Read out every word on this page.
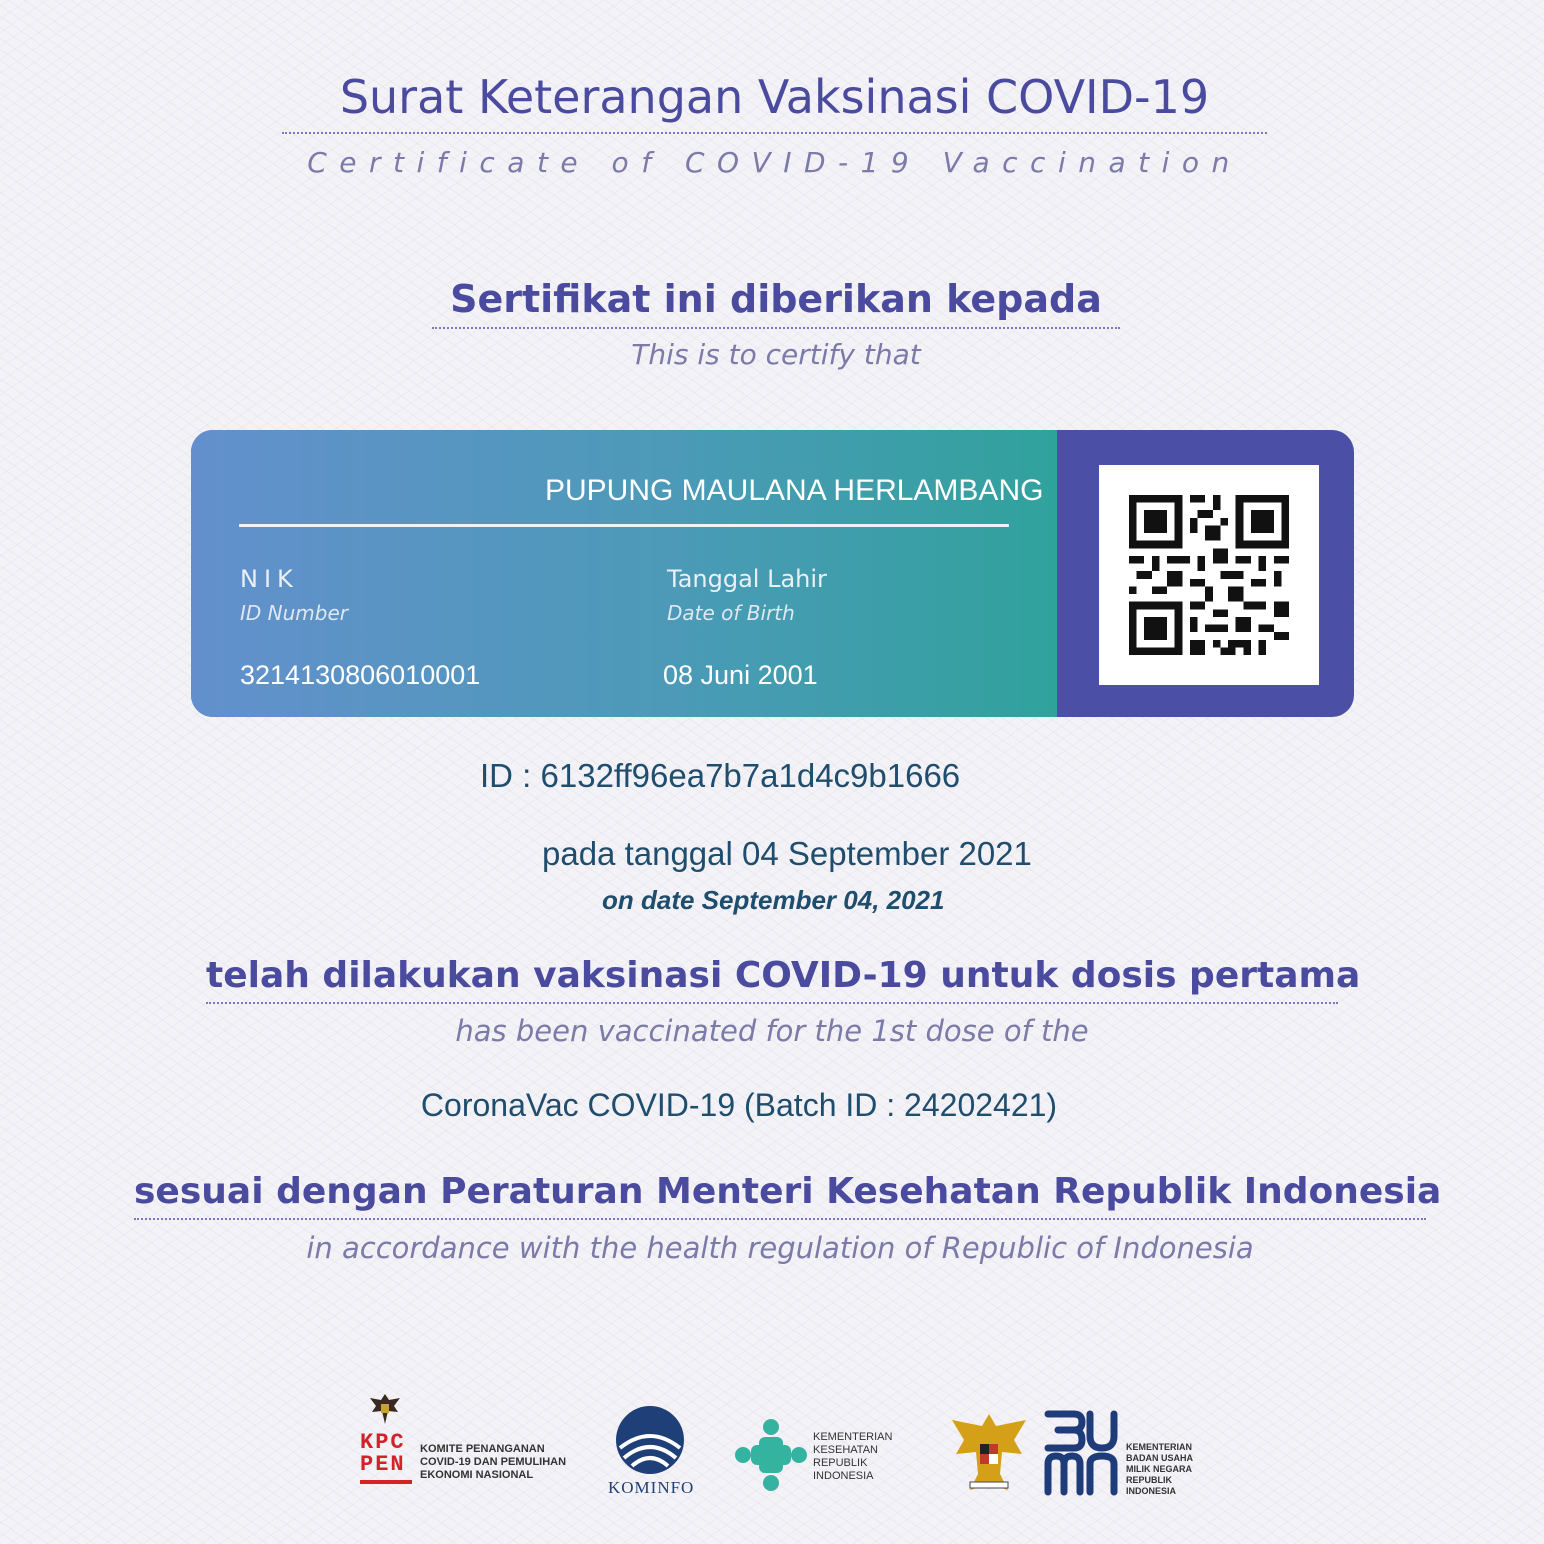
Surat Keterangan Vaksinasi COVID-19
Certificate of COVID-19 Vaccination
Sertifikat ini diberikan kepada
This is to certify that
PUPUNG MAULANA HERLAMBANG
NIK
ID Number
3214130806010001
Tanggal Lahir
Date of Birth
08 Juni 2001
ID : 6132ff96ea7b7a1d4c9b1666
pada tanggal 04 September 2021
on date September 04, 2021
telah dilakukan vaksinasi COVID-19 untuk dosis pertama
has been vaccinated for the 1st dose of the
CoronaVac COVID-19 (Batch ID : 24202421)
sesuai dengan Peraturan Menteri Kesehatan Republik Indonesia
in accordance with the health regulation of Republic of Indonesia
KPC
PEN
KOMITE PENANGANAN
COVID-19 DAN PEMULIHAN
EKONOMI NASIONAL
KOMINFO
KEMENTERIAN
KESEHATAN
REPUBLIK
INDONESIA
KEMENTERIAN
BADAN USAHA
MILIK NEGARA
REPUBLIK
INDONESIA
